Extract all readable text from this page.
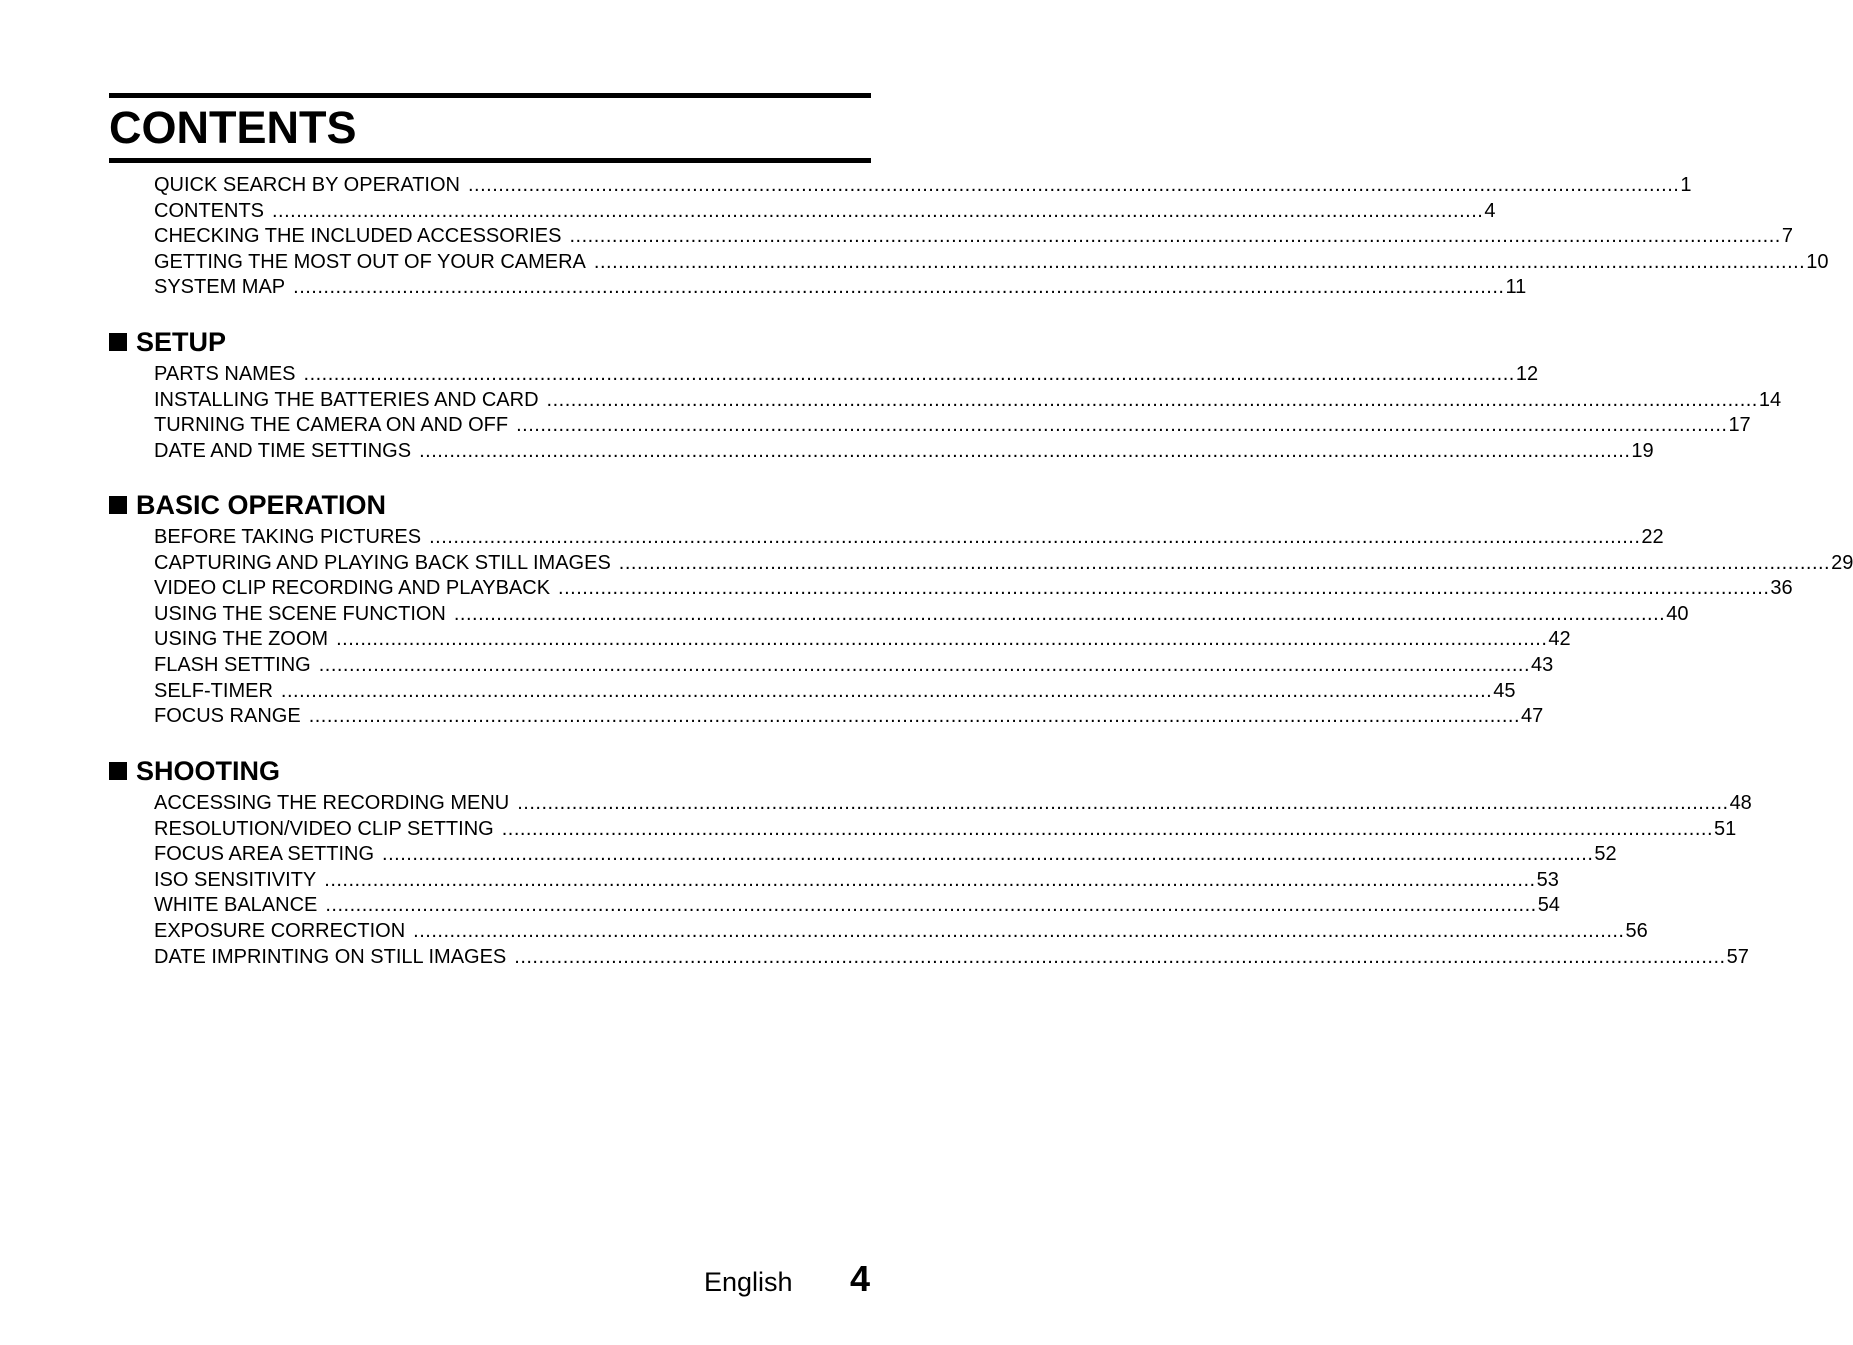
CONTENTS
QUICK SEARCH BY OPERATION ........................................................................................................................................................................................................ 1
CONTENTS ........................................................................................................................................................................................................ 4
CHECKING THE INCLUDED ACCESSORIES ........................................................................................................................................................................................................ 7
GETTING THE MOST OUT OF YOUR CAMERA ........................................................................................................................................................................................................ 10
SYSTEM MAP ........................................................................................................................................................................................................ 11
SETUP
PARTS NAMES ........................................................................................................................................................................................................ 12
INSTALLING THE BATTERIES AND CARD ........................................................................................................................................................................................................ 14
TURNING THE CAMERA ON AND OFF ........................................................................................................................................................................................................ 17
DATE AND TIME SETTINGS ........................................................................................................................................................................................................ 19
BASIC OPERATION
BEFORE TAKING PICTURES ........................................................................................................................................................................................................ 22
CAPTURING AND PLAYING BACK STILL IMAGES ........................................................................................................................................................................................................ 29
VIDEO CLIP RECORDING AND PLAYBACK ........................................................................................................................................................................................................ 36
USING THE SCENE FUNCTION ........................................................................................................................................................................................................ 40
USING THE ZOOM ........................................................................................................................................................................................................ 42
FLASH SETTING ........................................................................................................................................................................................................ 43
SELF-TIMER ........................................................................................................................................................................................................ 45
FOCUS RANGE ........................................................................................................................................................................................................ 47
SHOOTING
ACCESSING THE RECORDING MENU ........................................................................................................................................................................................................ 48
RESOLUTION/VIDEO CLIP SETTING ........................................................................................................................................................................................................ 51
FOCUS AREA SETTING ........................................................................................................................................................................................................ 52
ISO SENSITIVITY ........................................................................................................................................................................................................ 53
WHITE BALANCE ........................................................................................................................................................................................................ 54
EXPOSURE CORRECTION ........................................................................................................................................................................................................ 56
DATE IMPRINTING ON STILL IMAGES ........................................................................................................................................................................................................ 57
English 4
